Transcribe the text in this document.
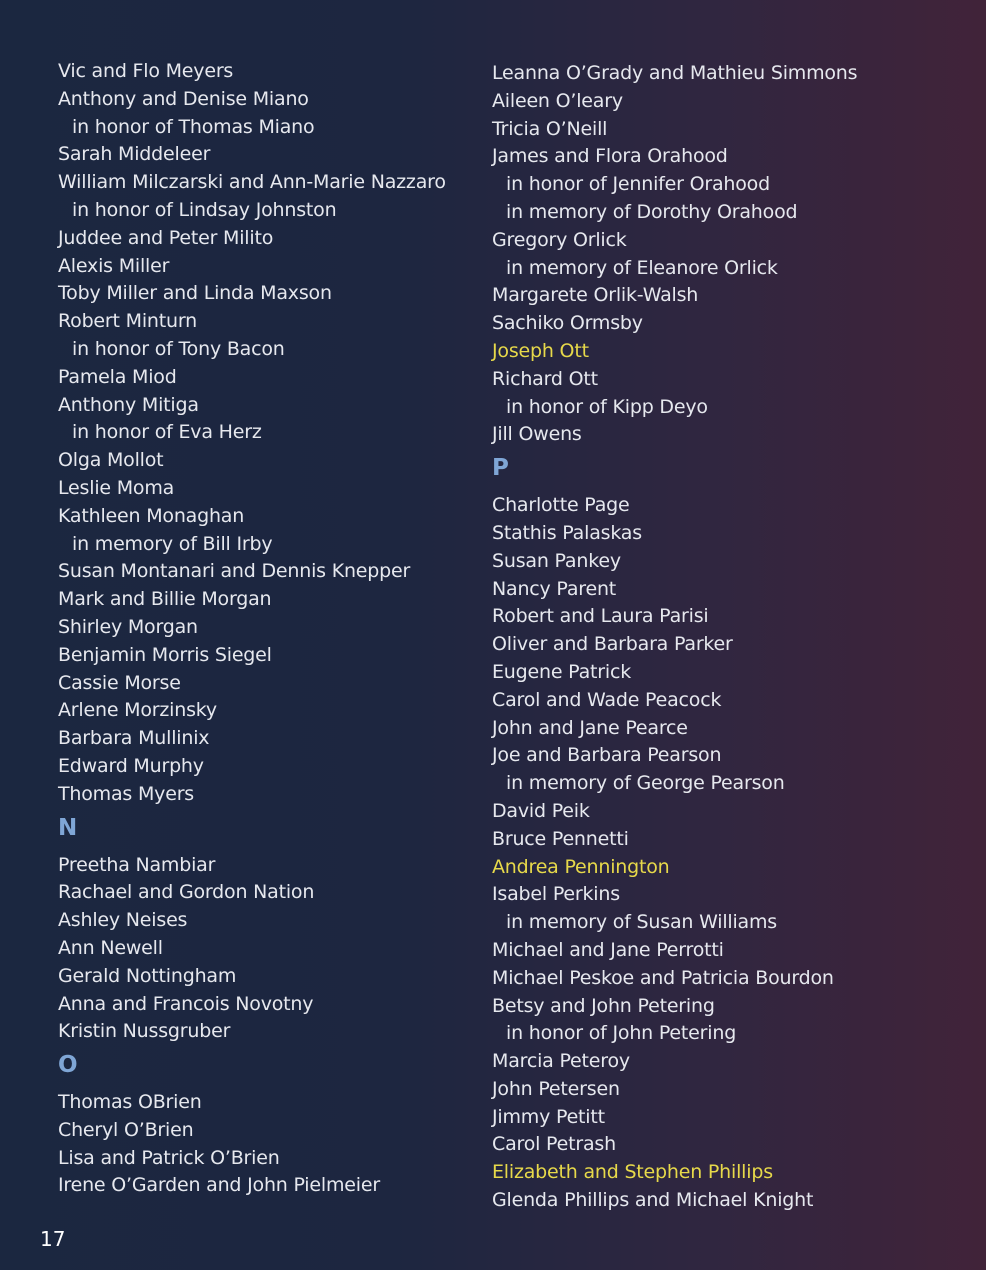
Vic and Flo Meyers
Anthony and Denise Miano
in honor of Thomas Miano
Sarah Middeleer
William Milczarski and Ann-Marie Nazzaro
in honor of Lindsay Johnston
Juddee and Peter Milito
Alexis Miller
Toby Miller and Linda Maxson
Robert Minturn
in honor of Tony Bacon
Pamela Miod
Anthony Mitiga
in honor of Eva Herz
Olga Mollot
Leslie Moma
Kathleen Monaghan
in memory of Bill Irby
Susan Montanari and Dennis Knepper
Mark and Billie Morgan
Shirley Morgan
Benjamin Morris Siegel
Cassie Morse
Arlene Morzinsky
Barbara Mullinix
Edward Murphy
Thomas Myers
N
Preetha Nambiar
Rachael and Gordon Nation
Ashley Neises
Ann Newell
Gerald Nottingham
Anna and Francois Novotny
Kristin Nussgruber
O
Thomas OBrien
Cheryl O’Brien
Lisa and Patrick O’Brien
Irene O’Garden and John Pielmeier
Leanna O’Grady and Mathieu Simmons
Aileen O’leary
Tricia O’Neill
James and Flora Orahood
in honor of Jennifer Orahood
in memory of Dorothy Orahood
Gregory Orlick
in memory of Eleanore Orlick
Margarete Orlik-Walsh
Sachiko Ormsby
Joseph Ott
Richard Ott
in honor of Kipp Deyo
Jill Owens
P
Charlotte Page
Stathis Palaskas
Susan Pankey
Nancy Parent
Robert and Laura Parisi
Oliver and Barbara Parker
Eugene Patrick
Carol and Wade Peacock
John and Jane Pearce
Joe and Barbara Pearson
in memory of George Pearson
David Peik
Bruce Pennetti
Andrea Pennington
Isabel Perkins
in memory of Susan Williams
Michael and Jane Perrotti
Michael Peskoe and Patricia Bourdon
Betsy and John Petering
in honor of John Petering
Marcia Peteroy
John Petersen
Jimmy Petitt
Carol Petrash
Elizabeth and Stephen Phillips
Glenda Phillips and Michael Knight
17
